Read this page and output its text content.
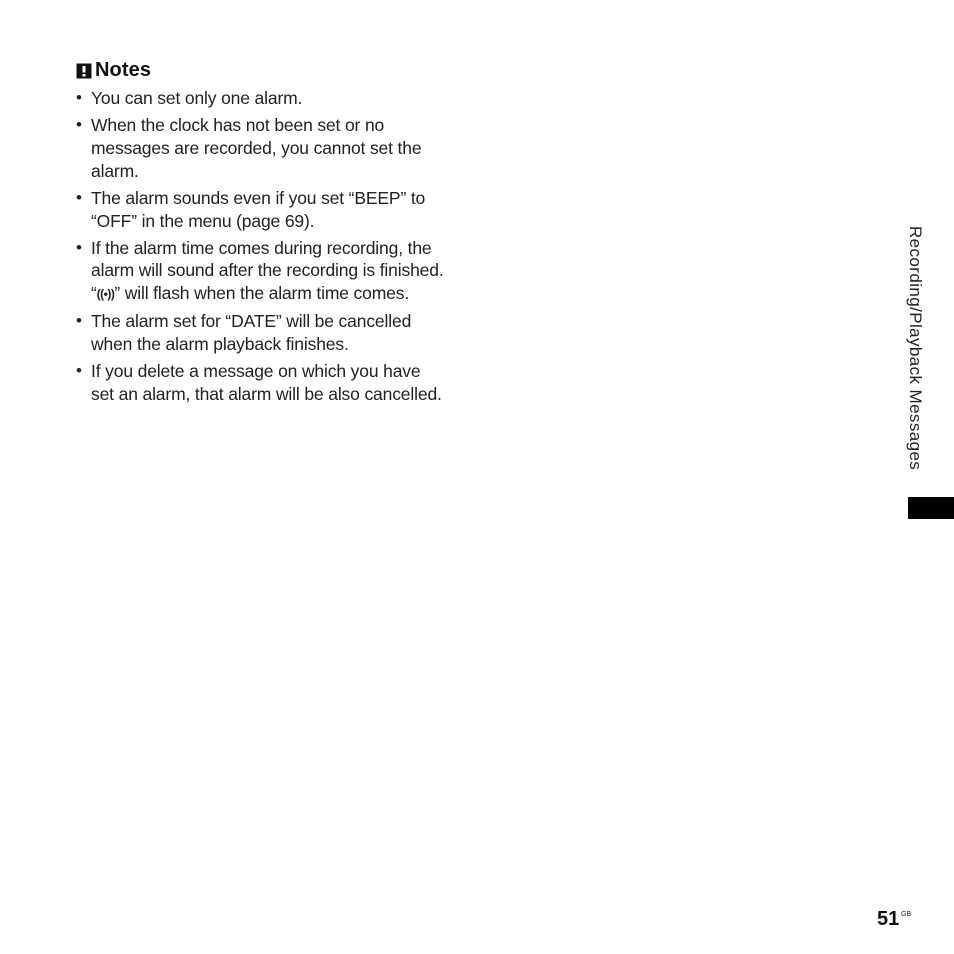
Notes
• You can set only one alarm.
• When the clock has not been set or no messages are recorded, you cannot set the alarm.
• The alarm sounds even if you set “BEEP” to “OFF” in the menu (page 69).
• If the alarm time comes during recording, the alarm will sound after the recording is finished. “((•))” will flash when the alarm time comes.
• The alarm set for “DATE” will be cancelled when the alarm playback finishes.
• If you delete a message on which you have set an alarm, that alarm will be also cancelled.	Recording/Playback Messages
51 GB
